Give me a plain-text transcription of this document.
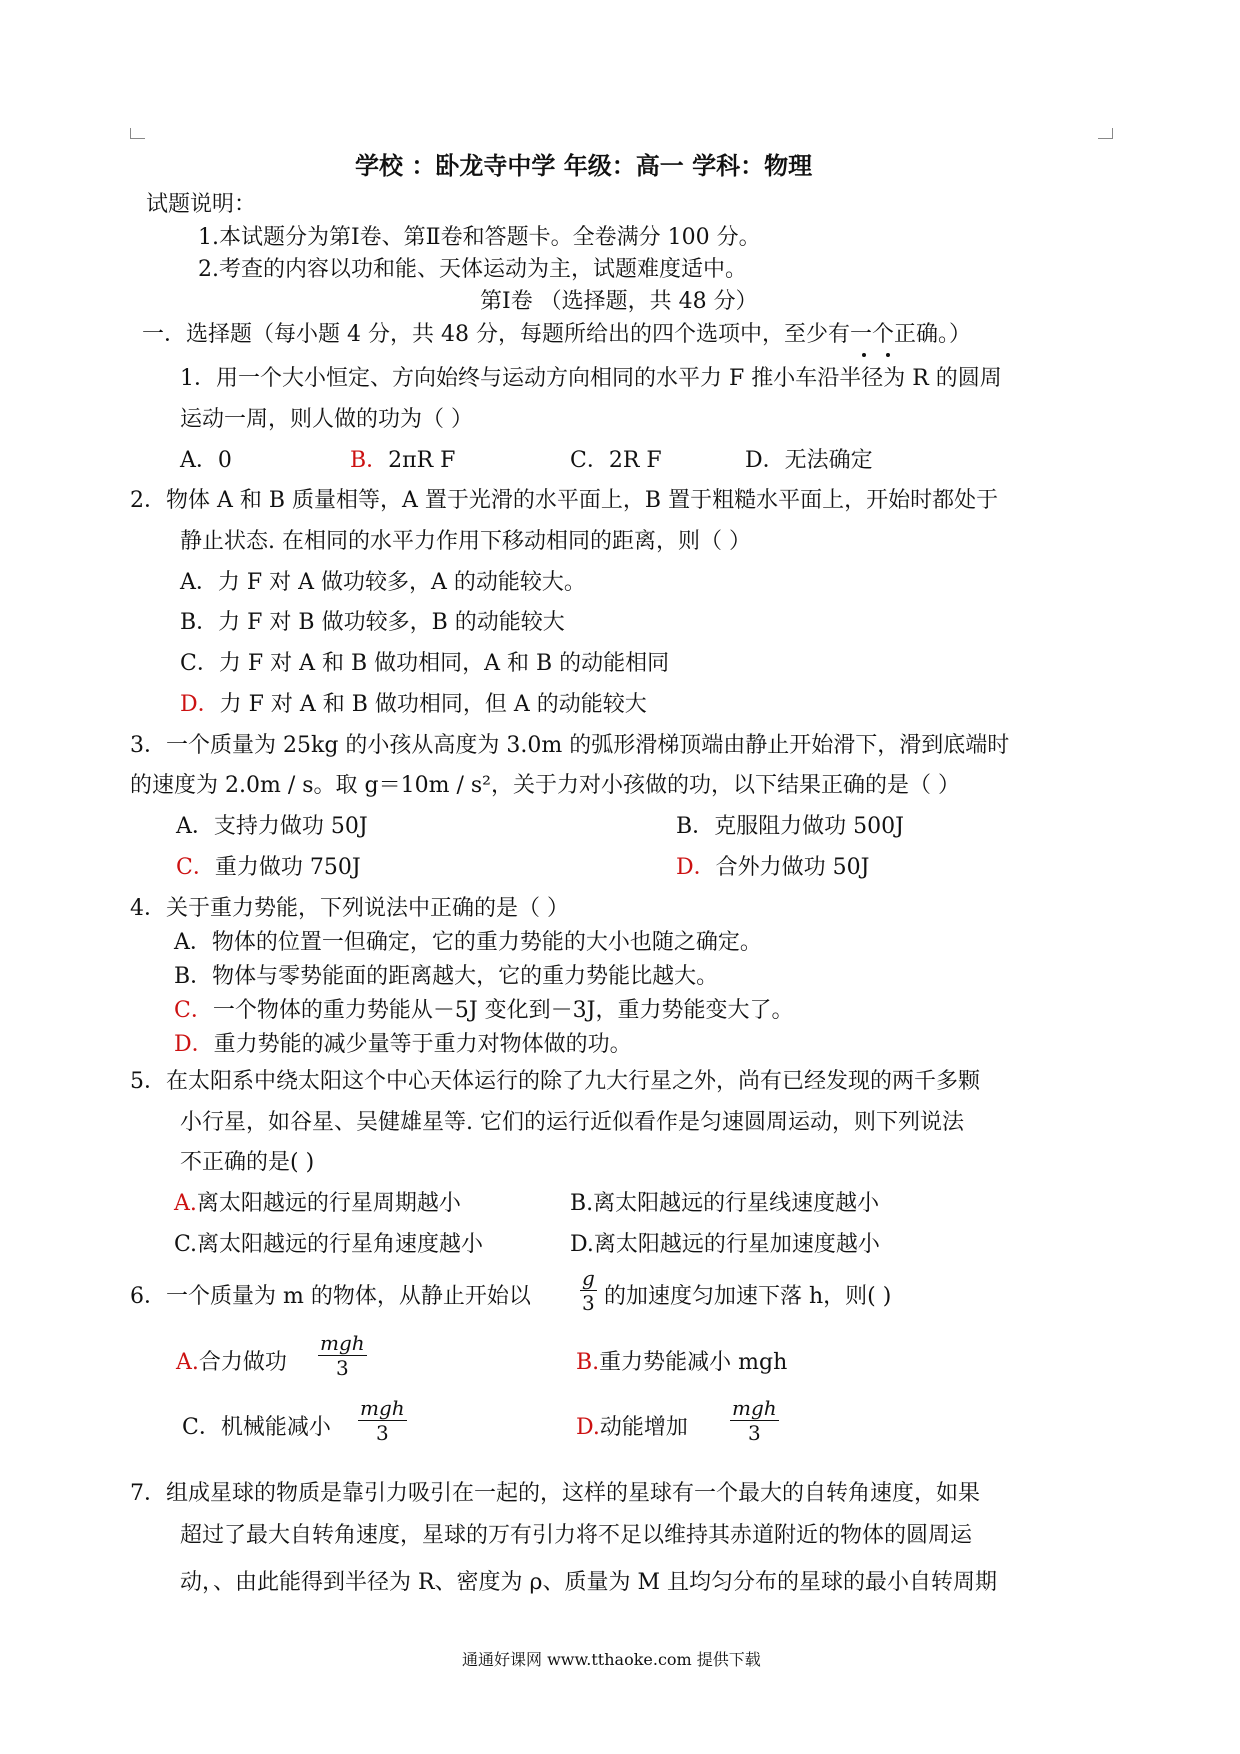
学校 ：卧龙寺中学 年级：高一 学科：物理
试题说明：
1.本试题分为第Ⅰ卷、第Ⅱ卷和答题卡。全卷满分 100 分。
2.考查的内容以功和能、天体运动为主，试题难度适中。
第Ⅰ卷 （选择题，共 48 分）
一．选择题（每小题 4 分，共 48 分，每题所给出的四个选项中，至少有一个正确。）
1．用一个大小恒定、方向始终与运动方向相同的水平力 F 推小车沿半径为 R 的圆周
运动一周，则人做的功为（ ）
A．0	B．2πR F	C．2R F	D．无法确定
2．物体 A 和 B 质量相等，A 置于光滑的水平面上，B 置于粗糙水平面上，开始时都处于
静止状态. 在相同的水平力作用下移动相同的距离，则（ ）
A．力 F 对 A 做功较多，A 的动能较大。
B．力 F 对 B 做功较多，B 的动能较大
C．力 F 对 A 和 B 做功相同，A 和 B 的动能相同
D．力 F 对 A 和 B 做功相同，但 A 的动能较大
3．一个质量为 25kg 的小孩从高度为 3.0m 的弧形滑梯顶端由静止开始滑下，滑到底端时
的速度为 2.0m / s。取 g＝10m / s²，关于力对小孩做的功，以下结果正确的是（ ）
A．支持力做功 50J	B．克服阻力做功 500J
C．重力做功 750J	D．合外力做功 50J
4．关于重力势能，下列说法中正确的是（ ）
A．物体的位置一但确定，它的重力势能的大小也随之确定。
B．物体与零势能面的距离越大，它的重力势能比越大。
C．一个物体的重力势能从－5J 变化到－3J，重力势能变大了。
D．重力势能的减少量等于重力对物体做的功。
5．在太阳系中绕太阳这个中心天体运行的除了九大行星之外，尚有已经发现的两千多颗
小行星，如谷星、吴健雄星等. 它们的运行近似看作是匀速圆周运动，则下列说法
不正确的是( )
A.离太阳越远的行星周期越小	B.离太阳越远的行星线速度越小
C.离太阳越远的行星角速度越小	D.离太阳越远的行星加速度越小
6．一个质量为 m 的物体，从静止开始以
g
3 的加速度匀加速下落 h，则( )
A.合力做功
mgh
3	B.重力势能减小 mgh
C．机械能减小
mgh
3	D.动能增加
mgh
3
7．组成星球的物质是靠引力吸引在一起的，这样的星球有一个最大的自转角速度，如果
超过了最大自转角速度，星球的万有引力将不足以维持其赤道附近的物体的圆周运
动，、由此能得到半径为 R、密度为 ρ、质量为 M 且均匀分布的星球的最小自转周期
通通好课网 www.tthaoke.com 提供下载
